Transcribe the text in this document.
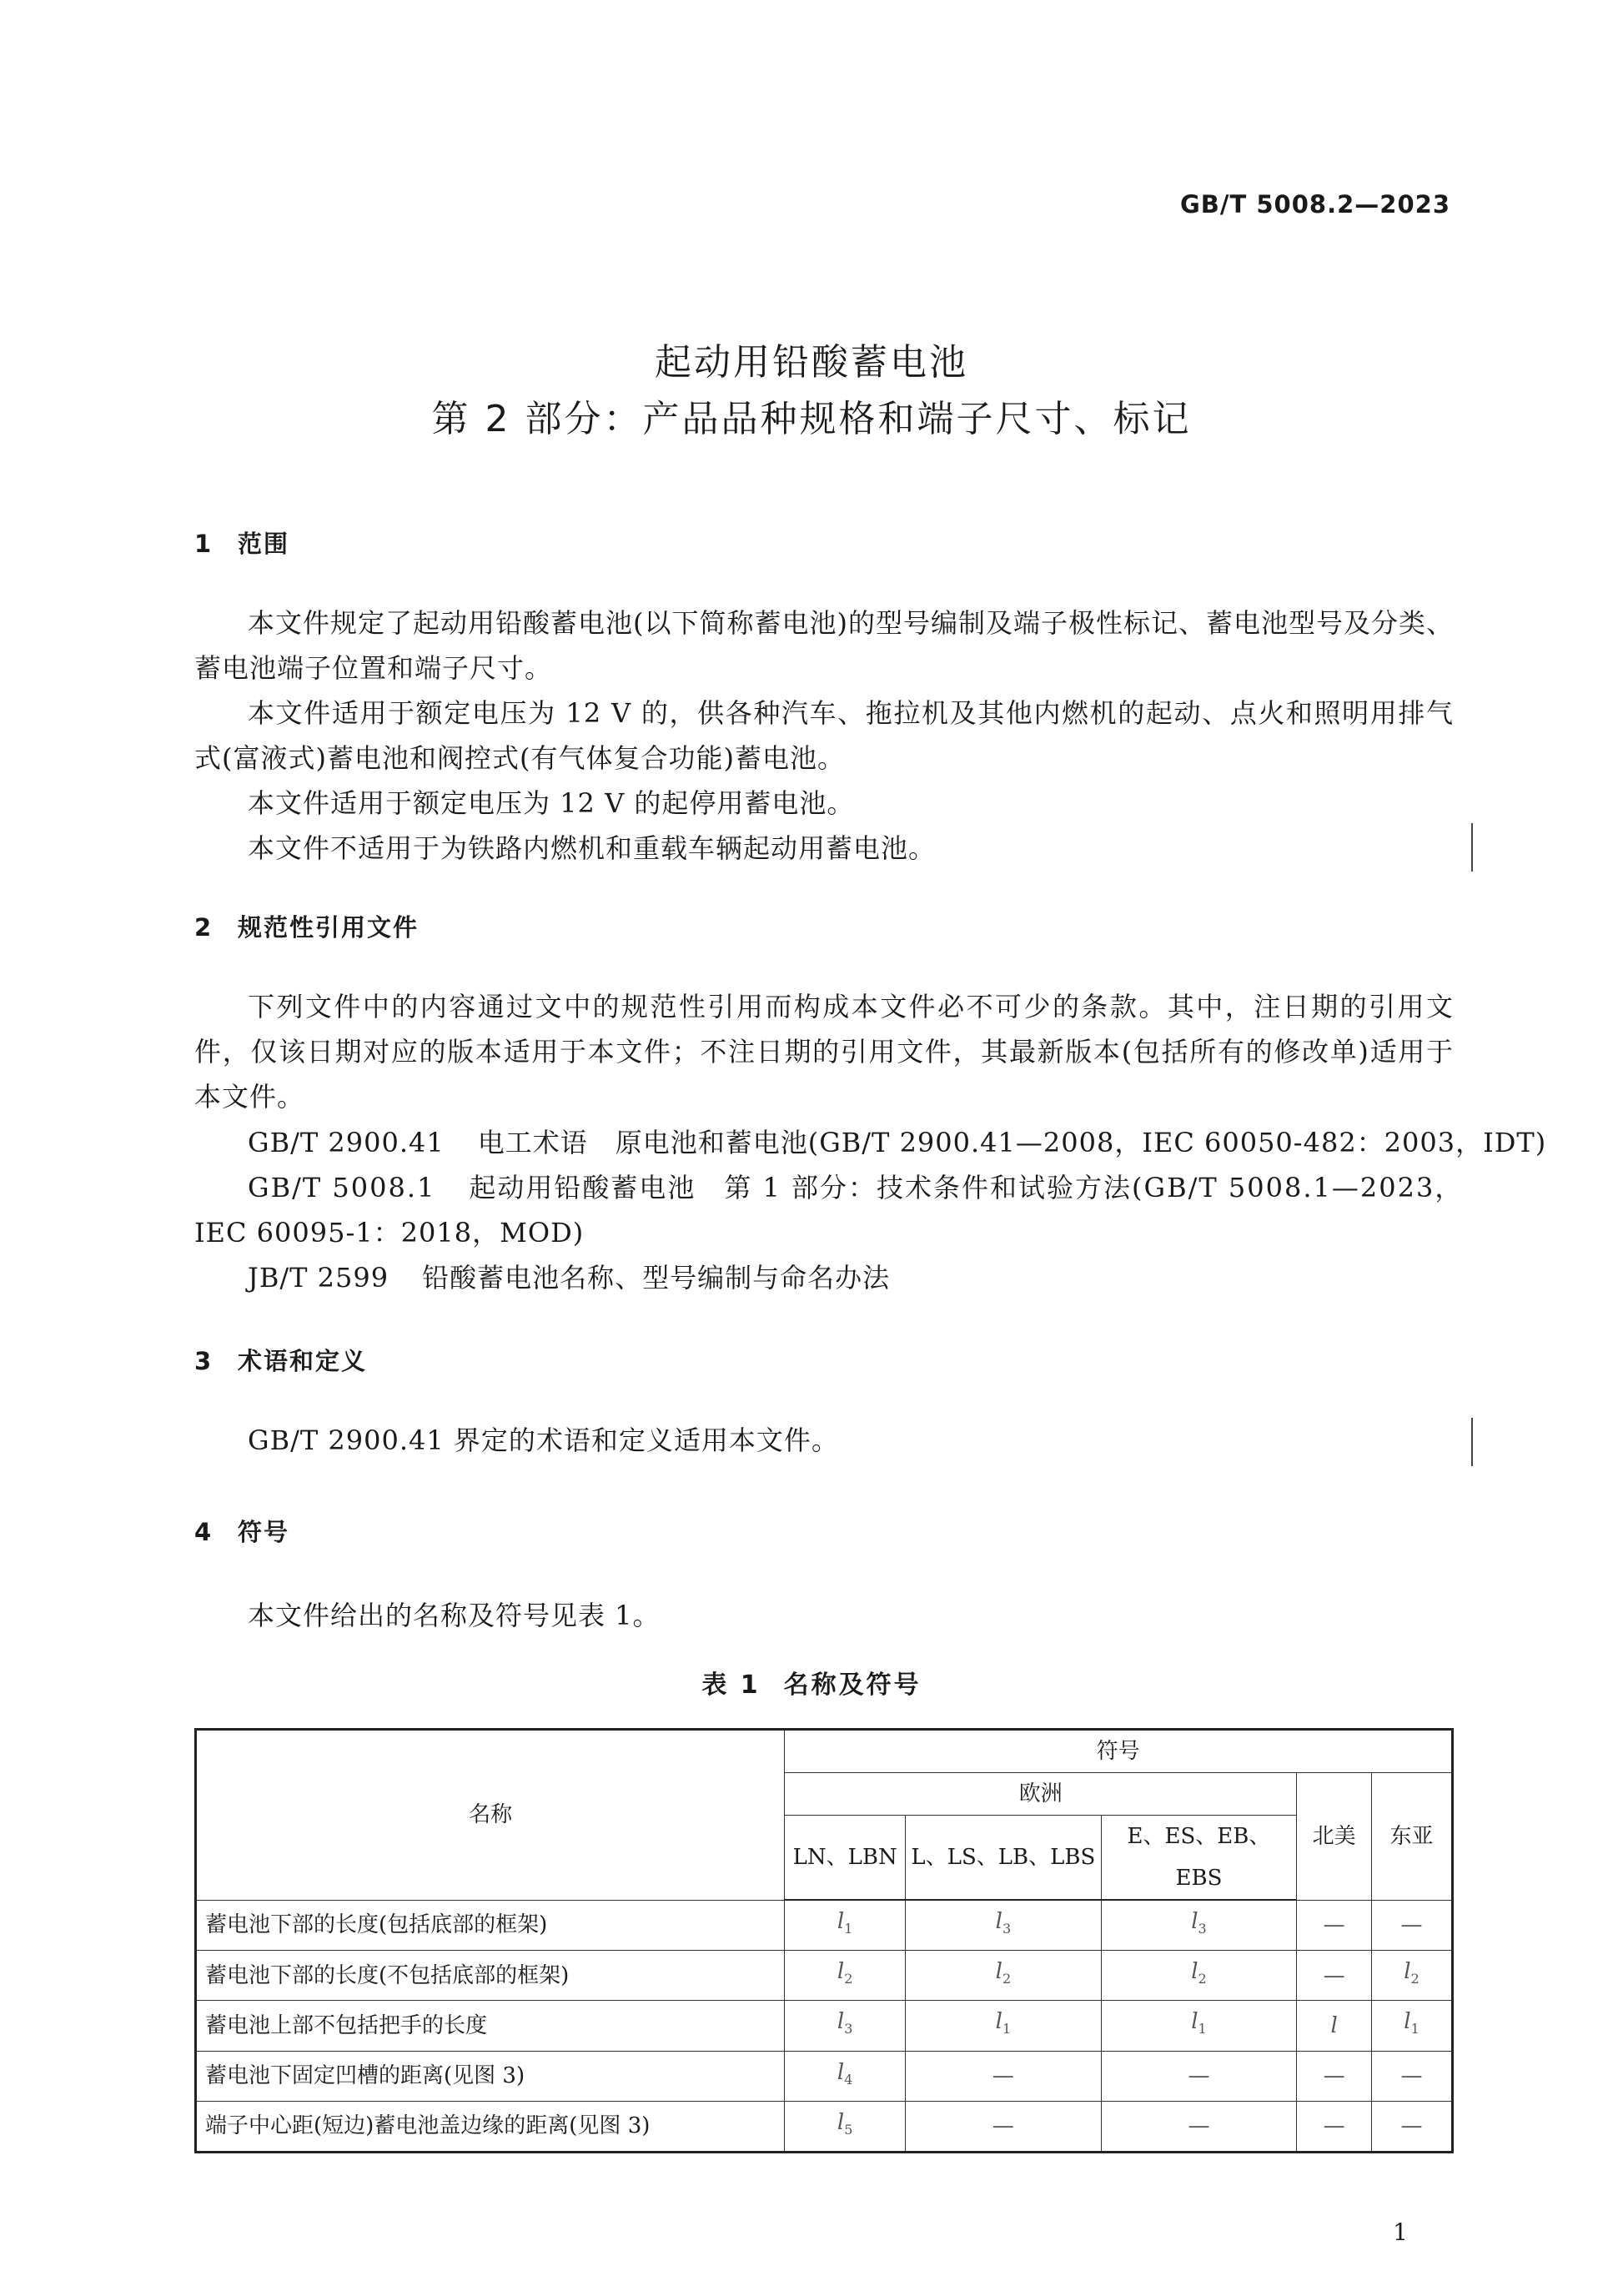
GB/T 5008.2—2023
起动用铅酸蓄电池
第 2 部分：产品品种规格和端子尺寸、标记
1 范围
本文件规定了起动用铅酸蓄电池(以下简称蓄电池)的型号编制及端子极性标记、蓄电池型号及分类、蓄电池端子位置和端子尺寸。
本文件适用于额定电压为 12 V 的，供各种汽车、拖拉机及其他内燃机的起动、点火和照明用排气式(富液式)蓄电池和阀控式(有气体复合功能)蓄电池。
本文件适用于额定电压为 12 V 的起停用蓄电池。
本文件不适用于为铁路内燃机和重载车辆起动用蓄电池。
2 规范性引用文件
下列文件中的内容通过文中的规范性引用而构成本文件必不可少的条款。其中，注日期的引用文件，仅该日期对应的版本适用于本文件；不注日期的引用文件，其最新版本(包括所有的修改单)适用于本文件。
GB/T 2900.41 电工术语　原电池和蓄电池(GB/T 2900.41—2008，IEC 60050-482：2003，IDT)
GB/T 5008.1 起动用铅酸蓄电池　第 1 部分：技术条件和试验方法(GB/T 5008.1—2023，
IEC 60095-1：2018，MOD)
JB/T 2599 铅酸蓄电池名称、型号编制与命名办法
3 术语和定义
GB/T 2900.41 界定的术语和定义适用本文件。
4 符号
本文件给出的名称及符号见表 1。
表 1 名称及符号
名称	符号				
	欧洲			北美	东亚
	LN、LBN	L、LS、LB、LBS	E、ES、EB、EBS		
蓄电池下部的长度(包括底部的框架)	$l_1$	$l_3$	$l_3$	—	—
蓄电池下部的长度(不包括底部的框架)	$l_2$	$l_2$	$l_2$	—	$l_2$
蓄电池上部不包括把手的长度	$l_3$	$l_1$	$l_1$	l	$l_1$
蓄电池下固定凹槽的距离(见图 3)	$l_4$	—	—	—	—
端子中心距(短边)蓄电池盖边缘的距离(见图 3)	$l_5$	—	—	—	—
1
